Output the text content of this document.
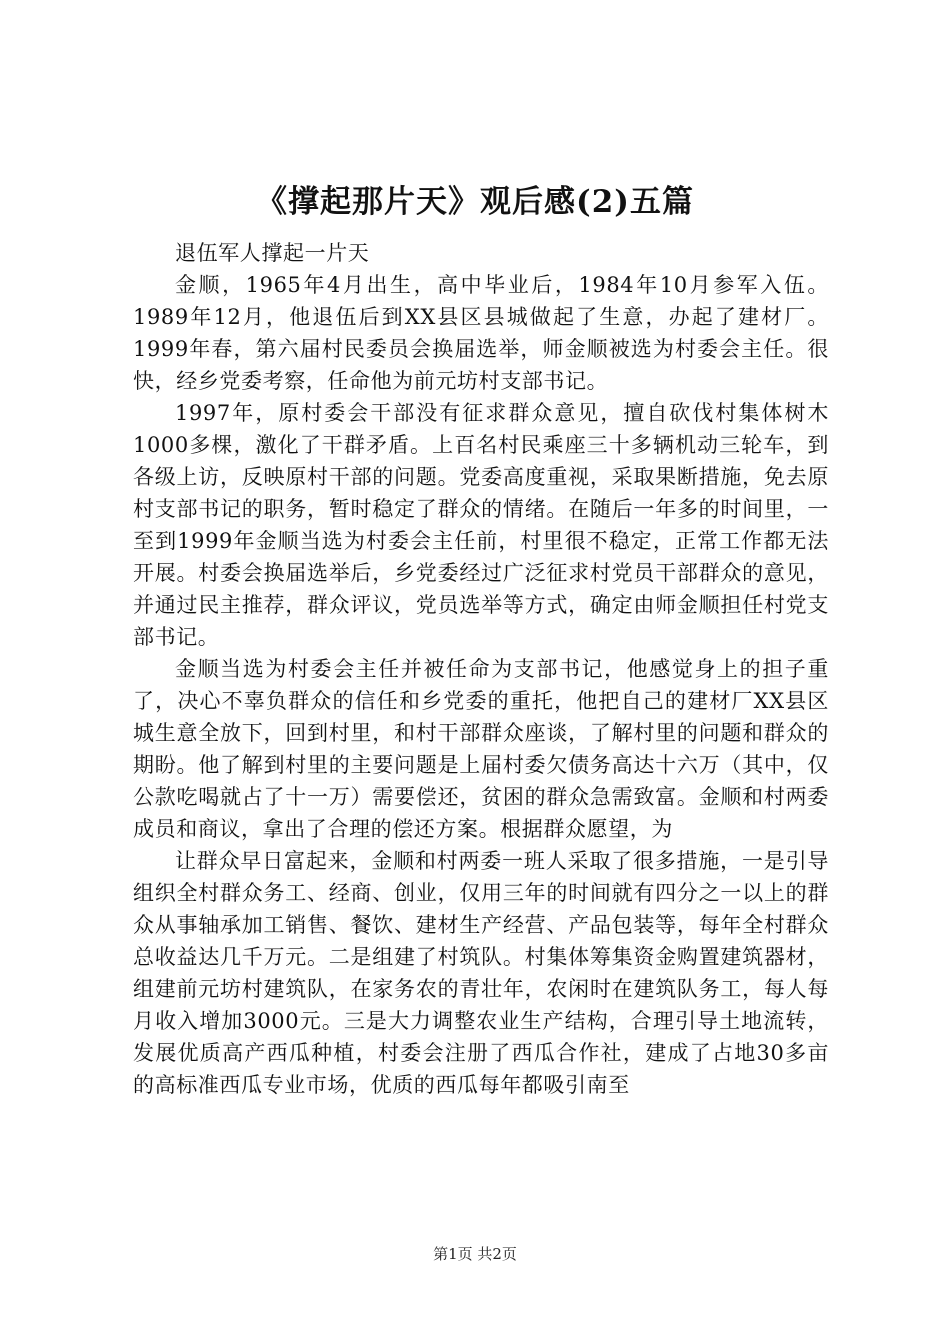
《撑起那片天》观后感(2)五篇

退伍军人撑起一片天

金顺，1965年4月出生，高中毕业后，1984年10月参军入伍。1989年12月，他退伍后到XX县区县城做起了生意，办起了建材厂。1999年春，第六届村民委员会换届选举，师金顺被选为村委会主任。很快，经乡党委考察，任命他为前元坊村支部书记。

1997年，原村委会干部没有征求群众意见，擅自砍伐村集体树木1000多棵，激化了干群矛盾。上百名村民乘座三十多辆机动三轮车，到各级上访，反映原村干部的问题。党委高度重视，采取果断措施，免去原村支部书记的职务，暂时稳定了群众的情绪。在随后一年多的时间里，一至到1999年金顺当选为村委会主任前，村里很不稳定，正常工作都无法开展。村委会换届选举后，乡党委经过广泛征求村党员干部群众的意见，并通过民主推荐，群众评议，党员选举等方式，确定由师金顺担任村党支部书记。

金顺当选为村委会主任并被任命为支部书记，他感觉身上的担子重了，决心不辜负群众的信任和乡党委的重托，他把自己的建材厂XX县区城生意全放下，回到村里，和村干部群众座谈，了解村里的问题和群众的期盼。他了解到村里的主要问题是上届村委欠债务高达十六万（其中，仅公款吃喝就占了十一万）需要偿还，贫困的群众急需致富。金顺和村两委成员和商议，拿出了合理的偿还方案。根据群众愿望，为

让群众早日富起来，金顺和村两委一班人采取了很多措施，一是引导组织全村群众务工、经商、创业，仅用三年的时间就有四分之一以上的群众从事轴承加工销售、餐饮、建材生产经营、产品包装等，每年全村群众总收益达几千万元。二是组建了村筑队。村集体筹集资金购置建筑器材，组建前元坊村建筑队，在家务农的青壮年，农闲时在建筑队务工，每人每月收入增加3000元。三是大力调整农业生产结构，合理引导土地流转，发展优质高产西瓜种植，村委会注册了西瓜合作社，建成了占地30多亩的高标准西瓜专业市场，优质的西瓜每年都吸引南至

第1页 共2页
